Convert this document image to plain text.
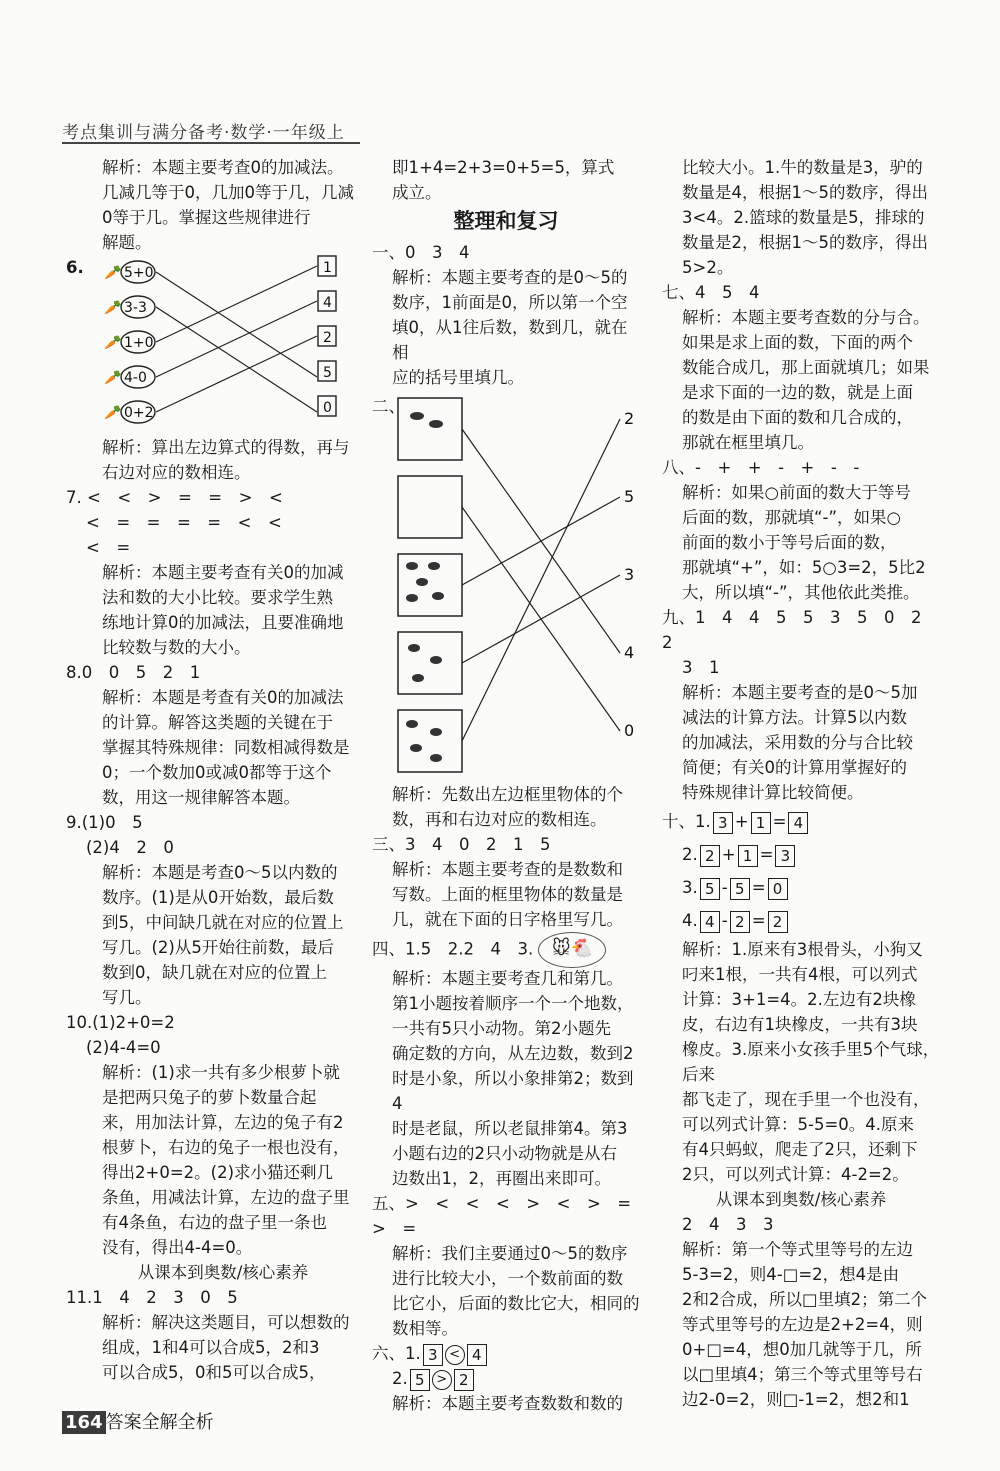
考点集训与满分备考·数学·一年级上
解析：本题主要考查0的加减法。
几减几等于0，几加0等于几，几减
0等于几。掌握这些规律进行
解题。
6. 🥕 5+0
🥕 3-3
🥕 1+0
🥕 4-0
🥕 0+2
1
4
2
5
0
解析：算出左边算式的得数，再与
右边对应的数相连。
7. <　<　>　=　=　>　<
<　=　=　=　=　<　<
<　=
解析：本题主要考查有关0的加减
法和数的大小比较。要求学生熟
练地计算0的加减法，且要准确地
比较数与数的大小。
8.0　0　5　2　1
解析：本题是考查有关0的加减法
的计算。解答这类题的关键在于
掌握其特殊规律：同数相减得数是
0；一个数加0或减0都等于这个
数，用这一规律解答本题。
9.(1)0　5
(2)4　2　0
解析：本题是考查0～5以内数的
数序。(1)是从0开始数，最后数
到5，中间缺几就在对应的位置上
写几。(2)从5开始往前数，最后
数到0，缺几就在对应的位置上
写几。
10.(1)2+0=2
(2)4-4=0
解析：(1)求一共有多少根萝卜就
是把两只兔子的萝卜数量合起
来，用加法计算，左边的兔子有2
根萝卜，右边的兔子一根也没有，
得出2+0=2。(2)求小猫还剩几
条鱼，用减法计算，左边的盘子里
有4条鱼，右边的盘子里一条也
没有，得出4-4=0。
从课本到奥数/核心素养
11.1　4　2　3　0　5
解析：解决这类题目，可以想数的
组成，1和4可以合成5，2和3
可以合成5，0和5可以合成5，
即1+4=2+3=0+5=5，算式
成立。
整理和复习
一、0　3　4
解析：本题主要考查的是0～5的
数序，1前面是0，所以第一个空
填0，从1往后数，数到几，就在相
应的括号里填几。
二、
2
5
3
4
0
解析：先数出左边框里物体的个
数，再和右边对应的数相连。
三、3　4　0　2　1　5
解析：本题主要考查的是数数和
写数。上面的框里物体的数量是
几，就在下面的日字格里写几。
四、1.5　2.2　4　3. 🐭🐔
解析：本题主要考查几和第几。
第1小题按着顺序一个一个地数，
一共有5只小动物。第2小题先
确定数的方向，从左边数，数到2
时是小象，所以小象排第2；数到4
时是老鼠，所以老鼠排第4。第3
小题右边的2只小动物就是从右
边数出1，2，再圈出来即可。
五、>　<　<　<　>　<　>　=　>　=
解析：我们主要通过0～5的数序
进行比较大小，一个数前面的数
比它小，后面的数比它大，相同的
数相等。
六、1. 3 < 4
2. 5 > 2
解析：本题主要考查数数和数的
比较大小。1.牛的数量是3，驴的
数量是4，根据1～5的数序，得出
3<4。2.篮球的数量是5，排球的
数量是2，根据1～5的数序，得出
5>2。
七、4　5　4
解析：本题主要考查数的分与合。
如果是求上面的数，下面的两个
数能合成几，那上面就填几；如果
是求下面的一边的数，就是上面
的数是由下面的数和几合成的，
那就在框里填几。
八、-　+　+　-　+　-　-
解析：如果○前面的数大于等号
后面的数，那就填“-”，如果○
前面的数小于等号后面的数，
那就填“+”，如：5○3=2，5比2
大，所以填“-”，其他依此类推。
九、1　4　4　5　5　3　5　0　2　2
3　1
解析：本题主要考查的是0～5加
减法的计算方法。计算5以内数
的加减法，采用数的分与合比较
简便；有关0的计算用掌握好的
特殊规律计算比较简便。
十、1. 3 + 1 = 4
2. 2 + 1 = 3
3. 5 - 5 = 0
4. 4 - 2 = 2
解析：1.原来有3根骨头，小狗又
叼来1根，一共有4根，可以列式
计算：3+1=4。2.左边有2块橡
皮，右边有1块橡皮，一共有3块
橡皮。3.原来小女孩手里5个气球，后来
都飞走了，现在手里一个也没有，
可以列式计算：5-5=0。4.原来
有4只蚂蚁，爬走了2只，还剩下
2只，可以列式计算：4-2=2。
从课本到奥数/核心素养
2　4　3　3
解析：第一个等式里等号的左边
5-3=2，则4-□=2，想4是由
2和2合成，所以□里填2；第二个
等式里等号的左边是2+2=4，则
0+□=4，想0加几就等于几，所
以□里填4；第三个等式里等号右
边2-0=2，则□-1=2，想2和1
164 答案全解全析
